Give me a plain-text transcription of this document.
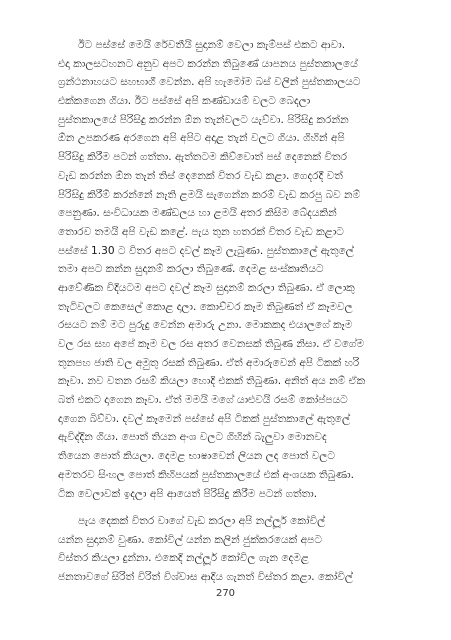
ඊට පස්සේ මෙයි රේවතීයි සුදානම් වෙලා කැම්පස් එකට ආවා.
එදා කාලසටහනට අනුව අපට කරන්න තිබුණේ යාපනය පුස්තකාලයේ
ග්‍රන්ථනාහයට සහභාගී වෙන්න. අපි හැමෝම බස් වලින් පුස්තකාලයට
එක්කගෙන ගියා. ඊට පස්සේ අපි කණ්ඩායම් වලට බෙදලා
පුස්තකාලයේ පිරිසිදු කරන්න ඕන තැන්වලට යැව්වා. පිරිසිදු කරන්න
ඕන උපකරණ අරගෙන අපි අපිට අදාළ තැන් වලට ගියා. ගිහින් අපි
පිරිසිදු කිරීම පටන් ගත්තා. ඇත්තටම කිව්වොත් පස් දෙනෙක් විතර
වැඩ කරන්න ඕන තැන් තිස් දෙනෙක් විතර වැඩ කළා. ගෙදරදී වත්
පිරිසිදු කිරීම් කරන්නේ නැති ළමයි සැගෙන්න කරම් වැඩ කරපු බව නම්
පෙනුණා. සංවිධායක මණ්ඩලය හා ළමයි අතර කිසිම බේදයකින්
තොරව තමයි අපි වැඩ කළේ. පැය තුන හතරක් විතර වැඩ කළාට
පස්සේ 1.30 ට විතර අපට දවල් කෑම ලැබුණා. පුස්තකාලේ ඇතුලේ
තමා අපට කන්න සුදානම් කරලා තිබුණේ. දෙමළ සංස්කෘතියට
ආවේණික විදියටම අපට දවල් කෑම සුදානම් කරලා තිබුණා. ඒ ලොකු
තැටිවලට කෙසෙල් කොළ දාලා. කොච්චර කෑම තිබුණත් ඒ කෑමවල
රසයට නම් මට පුරුදු වෙන්න අමාරු උනා. මොකකද එයාලගේ කෑම
වල රස සහ අපේ කෑම වල රස අතර වෙනසක් තිබුණ නිසා. ඒ වගේම
තුනපහ ජාති වල අමුතු රසක් තිබුණා. ඒත් අමාරුවෙන් අපි ටිකක් හරි
කෑවා. නව වතන රසම් කියලා හොදි එකක් තිබුණා. අනිත් අය නම් ඒක
බත් එකට දාගෙන කෑවා. ඒත් මමයි මගේ යාළුවයි රසම් කෝප්පයට
දාගෙන බිව්වා. දවල් කෑමෙන් පස්සේ අපි ටිකක් පුස්තකාලේ ඇතුලේ
ඇවිද්දින ගියා. පොත් තියන අංශ වලට ගිහින් බැලුවා මොනවද
තියෙන පොත් කියලා. දෙමළ භාෂාවෙන් ලියන ලද පොත් වලට
අමතරව සිංහල පොත් කිහිපයක් පුස්තකාලයේ එක් අංශයක තිබුණා.
ටික වෙලාවක් ඉදලා අපි ආයෙත් පිරිසිදු කිරීම පටන් ගත්තා.
පැය දෙකක් විතර වාගේ වැඩ කරලා අපි නල්ලූර් කෝවිල්
යන්න සුදානම් වුණා. කෝවිල් යන්න කලින් ජුක්කරයෙක් අපට
විස්තර කියලා දුන්නා. එකෙදි නල්ලූර් කෝවිල ගැන දෙමළ
ජනතාවගේ සිරිත් විරිත් විශ්වාස ආදිය ගැනත් විස්තර කළා. කෝවිල්
270
